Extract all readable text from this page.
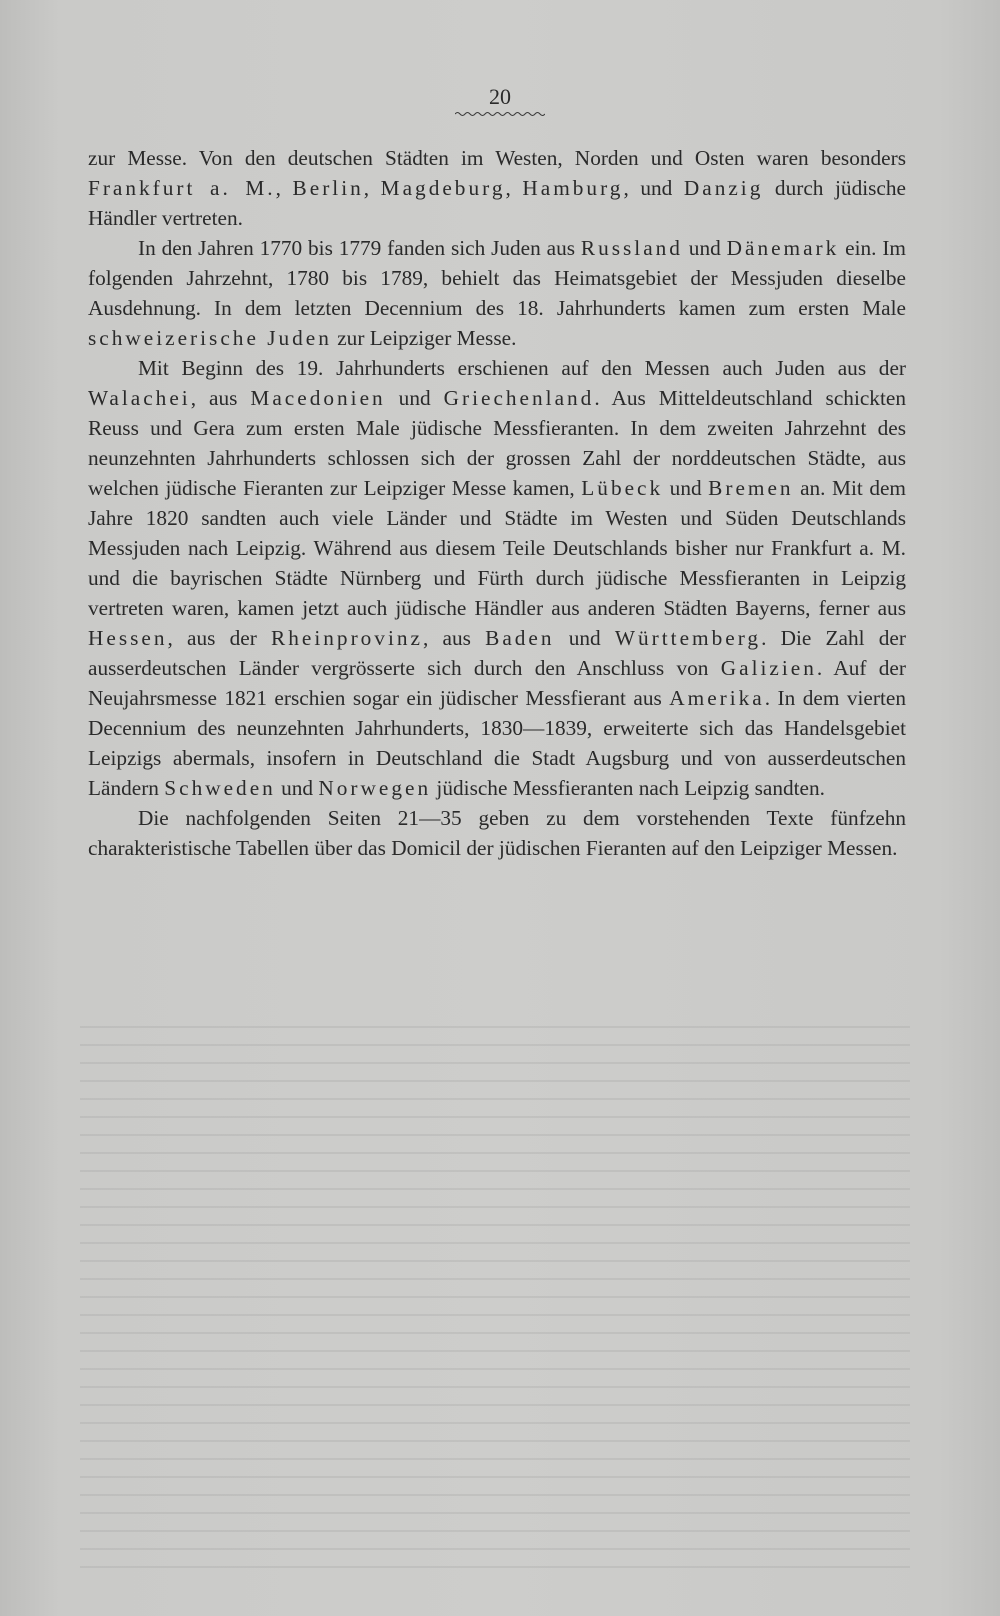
20

zur Messe. Von den deutschen Städten im Westen, Norden und Osten waren besonders Frankfurt a. M., Berlin, Magdeburg, Hamburg, und Danzig durch jüdische Händler vertreten.

In den Jahren 1770 bis 1779 fanden sich Juden aus Russland und Dänemark ein. Im folgenden Jahrzehnt, 1780 bis 1789, behielt das Heimatsgebiet der Messjuden dieselbe Ausdehnung. In dem letzten Decennium des 18. Jahrhunderts kamen zum ersten Male schweizerische Juden zur Leipziger Messe.

Mit Beginn des 19. Jahrhunderts erschienen auf den Messen auch Juden aus der Walachei, aus Macedonien und Griechenland. Aus Mitteldeutschland schickten Reuss und Gera zum ersten Male jüdische Messfieranten. In dem zweiten Jahrzehnt des neunzehnten Jahrhunderts schlossen sich der grossen Zahl der norddeutschen Städte, aus welchen jüdische Fieranten zur Leipziger Messe kamen, Lübeck und Bremen an. Mit dem Jahre 1820 sandten auch viele Länder und Städte im Westen und Süden Deutschlands Messjuden nach Leipzig. Während aus diesem Teile Deutschlands bisher nur Frankfurt a. M. und die bayrischen Städte Nürnberg und Fürth durch jüdische Messfieranten in Leipzig vertreten waren, kamen jetzt auch jüdische Händler aus anderen Städten Bayerns, ferner aus Hessen, aus der Rheinprovinz, aus Baden und Württemberg. Die Zahl der ausserdeutschen Länder vergrösserte sich durch den Anschluss von Galizien. Auf der Neujahrsmesse 1821 erschien sogar ein jüdischer Messfierant aus Amerika. In dem vierten Decennium des neunzehnten Jahrhunderts, 1830—1839, erweiterte sich das Handelsgebiet Leipzigs abermals, insofern in Deutschland die Stadt Augsburg und von ausserdeutschen Ländern Schweden und Norwegen jüdische Messfieranten nach Leipzig sandten.

Die nachfolgenden Seiten 21—35 geben zu dem vorstehenden Texte fünfzehn charakteristische Tabellen über das Domicil der jüdischen Fieranten auf den Leipziger Messen.
